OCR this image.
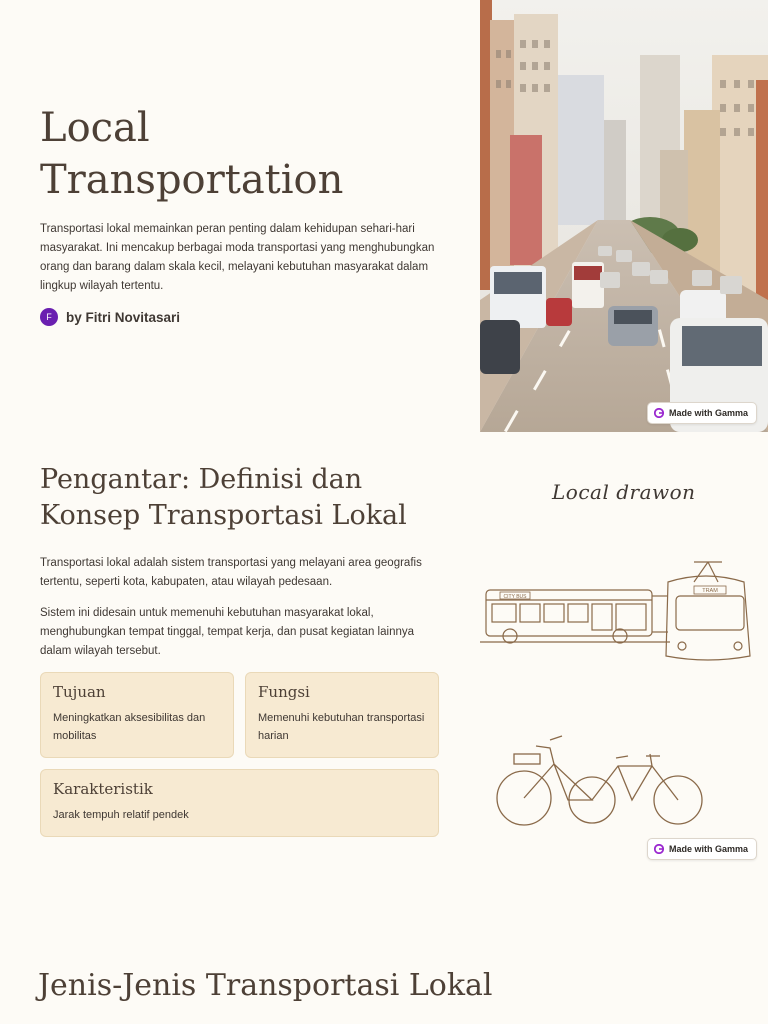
Local Transportation

Transportasi lokal memainkan peran penting dalam kehidupan sehari-hari masyarakat. Ini mencakup berbagai moda transportasi yang menghubungkan orang dan barang dalam skala kecil, melayani kebutuhan masyarakat dalam lingkup wilayah tertentu.

F	by Fitri Novitasari
Made with Gamma
Pengantar: Definisi dan Konsep Transportasi Lokal

Transportasi lokal adalah sistem transportasi yang melayani area geografis tertentu, seperti kota, kabupaten, atau wilayah pedesaan.

Sistem ini didesain untuk memenuhi kebutuhan masyarakat lokal, menghubungkan tempat tinggal, tempat kerja, dan pusat kegiatan lainnya dalam wilayah tersebut.

Tujuan

Meningkatkan aksesibilitas dan mobilitas

Fungsi

Memenuhi kebutuhan transportasi harian

Karakteristik

Jarak tempuh relatif pendek

Local drawon
CITY BUS
TRAM
Made with Gamma
Jenis-Jenis Transportasi Lokal
